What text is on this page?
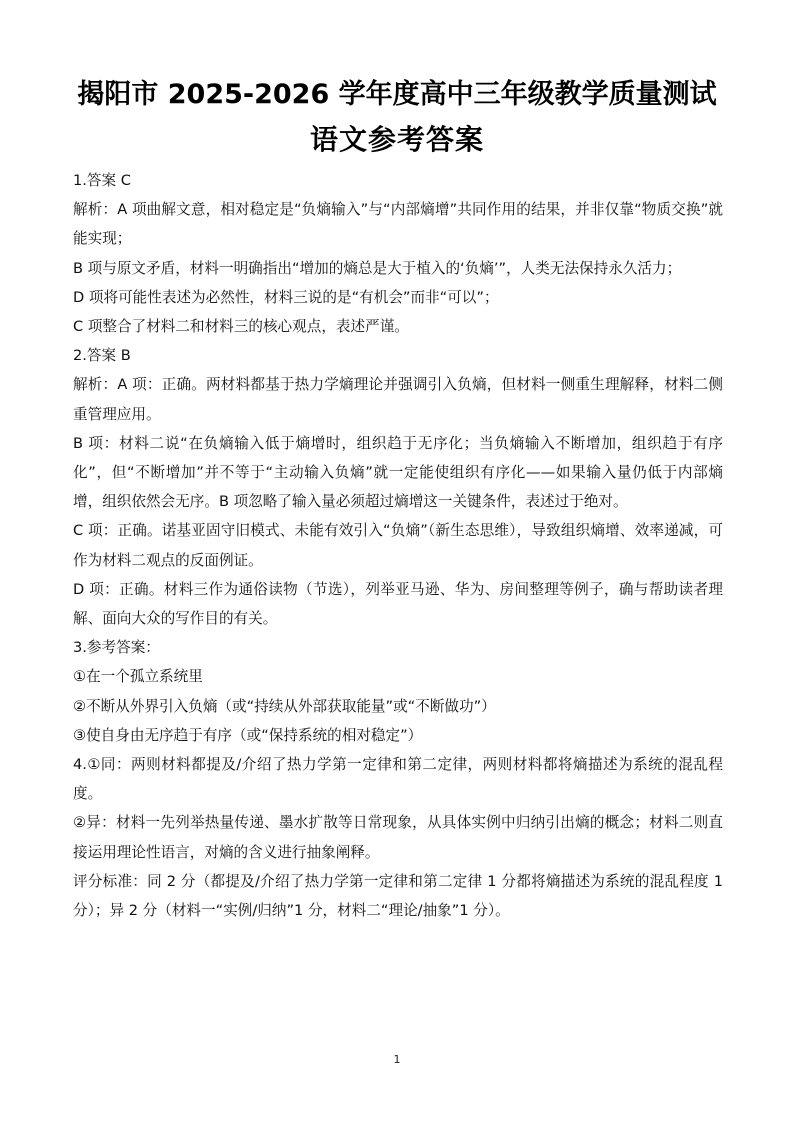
揭阳市 2025-2026 学年度高中三年级教学质量测试
语文参考答案

1.答案 C

解析：A 项曲解文意，相对稳定是“负熵输入”与“内部熵增”共同作用的结果，并非仅靠“物质交换”就能实现；

B 项与原文矛盾，材料一明确指出“增加的熵总是大于植入的‘负熵’”，人类无法保持永久活力；

D 项将可能性表述为必然性，材料三说的是“有机会”而非“可以”；

C 项整合了材料二和材料三的核心观点，表述严谨。

2.答案 B

解析：A 项：正确。两材料都基于热力学熵理论并强调引入负熵，但材料一侧重生理解释，材料二侧重管理应用。

B 项：材料二说“在负熵输入低于熵增时，组织趋于无序化；当负熵输入不断增加，组织趋于有序化”，但“不断增加”并不等于“主动输入负熵”就一定能使组织有序化——如果输入量仍低于内部熵增，组织依然会无序。B 项忽略了输入量必须超过熵增这一关键条件，表述过于绝对。

C 项：正确。诺基亚固守旧模式、未能有效引入“负熵”（新生态思维），导致组织熵增、效率递减，可作为材料二观点的反面例证。

D 项：正确。材料三作为通俗读物（节选），列举亚马逊、华为、房间整理等例子，确与帮助读者理解、面向大众的写作目的有关。

3.参考答案：

①在一个孤立系统里

②不断从外界引入负熵（或“持续从外部获取能量”或“不断做功”）

③使自身由无序趋于有序（或“保持系统的相对稳定”）

4.①同：两则材料都提及/介绍了热力学第一定律和第二定律，两则材料都将熵描述为系统的混乱程度。

②异：材料一先列举热量传递、墨水扩散等日常现象，从具体实例中归纳引出熵的概念；材料二则直接运用理论性语言，对熵的含义进行抽象阐释。

评分标准：同 2 分（都提及/介绍了热力学第一定律和第二定律 1 分都将熵描述为系统的混乱程度 1 分）；异 2 分（材料一“实例/归纳”1 分，材料二“理论/抽象”1 分）。

1
